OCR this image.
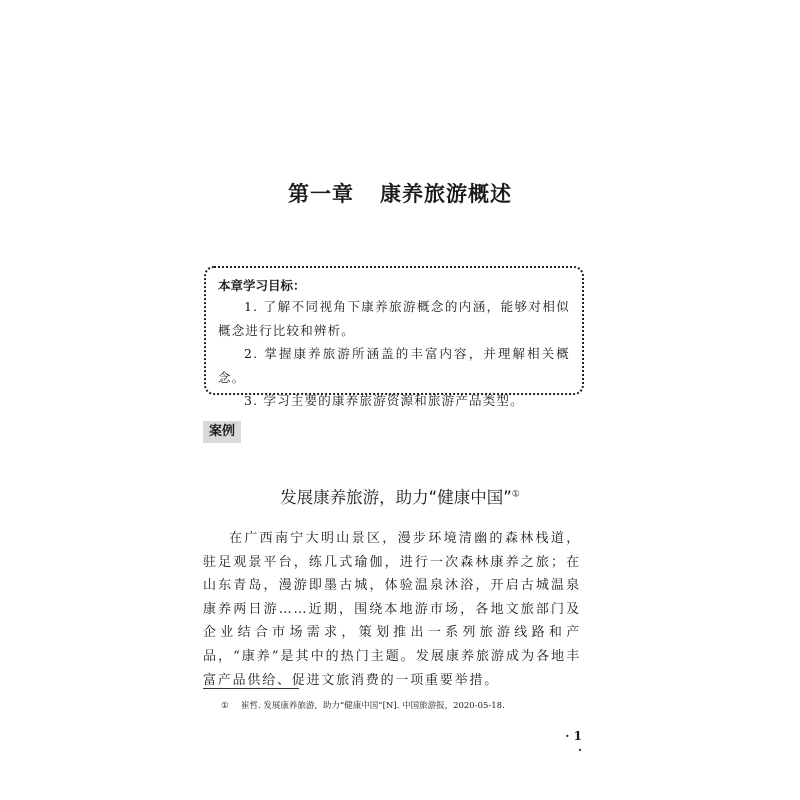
第一章 康养旅游概述
本章学习目标：
1. 了解不同视角下康养旅游概念的内涵，能够对相似概念进行比较和辨析。
2. 掌握康养旅游所涵盖的丰富内容，并理解相关概念。
3. 学习主要的康养旅游资源和旅游产品类型。
案例
发展康养旅游，助力“健康中国”①
在广西南宁大明山景区，漫步环境清幽的森林栈道，驻足观景平台，练几式瑜伽，进行一次森林康养之旅；在山东青岛，漫游即墨古城，体验温泉沐浴，开启古城温泉康养两日游……近期，围绕本地游市场，各地文旅部门及企业结合市场需求，策划推出一系列旅游线路和产品，“康养”是其中的热门主题。发展康养旅游成为各地丰富产品供给、促进文旅消费的一项重要举措。
① 崔哲. 发展康养旅游，助力“健康中国”[N]. 中国旅游报，2020-05-18.
· 1 ·
